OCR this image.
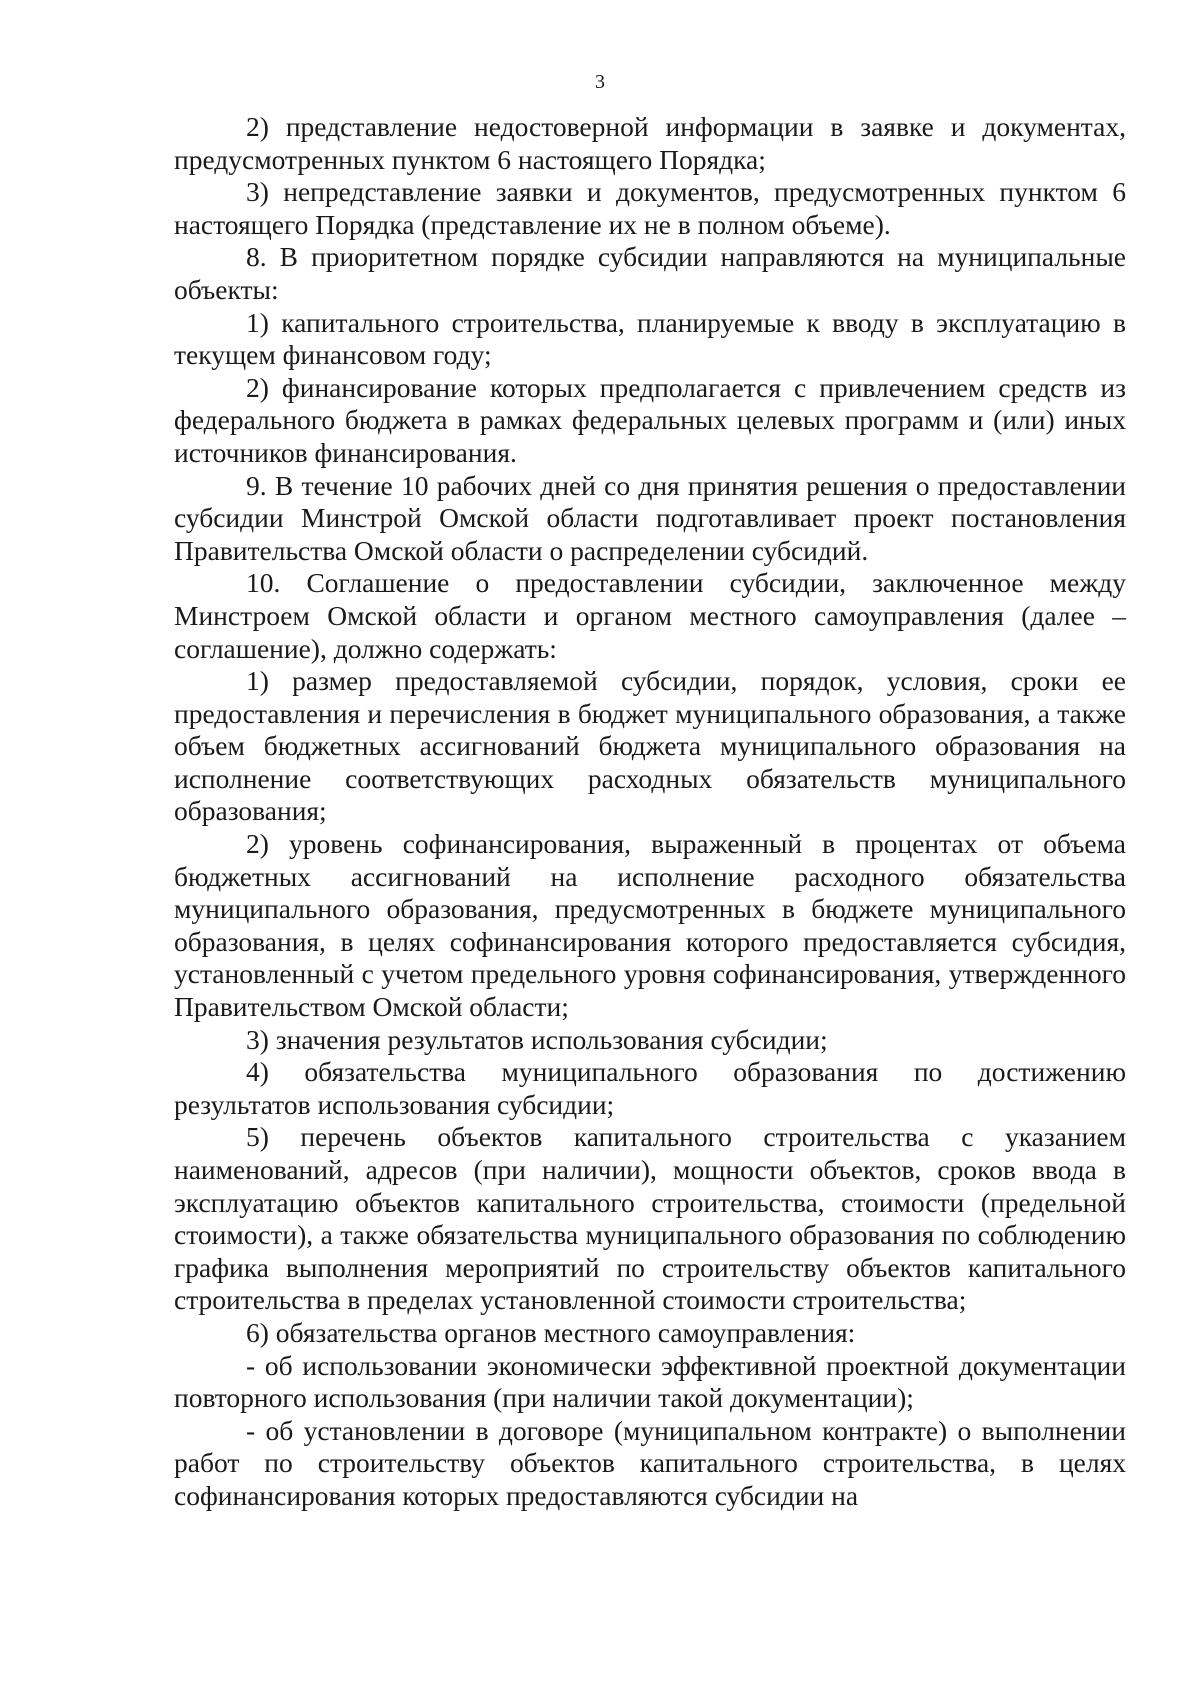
3

2) представление недостоверной информации в заявке и документах, предусмотренных пунктом 6 настоящего Порядка;

3) непредставление заявки и документов, предусмотренных пунктом 6 настоящего Порядка (представление их не в полном объеме).

8. В приоритетном порядке субсидии направляются на муниципальные объекты:

1) капитального строительства, планируемые к вводу в эксплуатацию в текущем финансовом году;

2) финансирование которых предполагается с привлечением средств из федерального бюджета в рамках федеральных целевых программ и (или) иных источников финансирования.

9. В течение 10 рабочих дней со дня принятия решения о предоставлении субсидии Минстрой Омской области подготавливает проект постановления Правительства Омской области о распределении субсидий.

10. Соглашение о предоставлении субсидии, заключенное между Минстроем Омской области и органом местного самоуправления (далее – соглашение), должно содержать:

1) размер предоставляемой субсидии, порядок, условия, сроки ее предоставления и перечисления в бюджет муниципального образования, а также объем бюджетных ассигнований бюджета муниципального образования на исполнение соответствующих расходных обязательств муниципального образования;

2) уровень софинансирования, выраженный в процентах от объема бюджетных ассигнований на исполнение расходного обязательства муниципального образования, предусмотренных в бюджете муниципального образования, в целях софинансирования которого предоставляется субсидия, установленный с учетом предельного уровня софинансирования, утвержденного Правительством Омской области;

3) значения результатов использования субсидии;

4) обязательства муниципального образования по достижению результатов использования субсидии;

5) перечень объектов капитального строительства с указанием наименований, адресов (при наличии), мощности объектов, сроков ввода в эксплуатацию объектов капитального строительства, стоимости (предельной стоимости), а также обязательства муниципального образования по соблюдению графика выполнения мероприятий по строительству объектов капитального строительства в пределах установленной стоимости строительства;

6) обязательства органов местного самоуправления:

- об использовании экономически эффективной проектной документации повторного использования (при наличии такой документации);

- об установлении в договоре (муниципальном контракте) о выполнении работ по строительству объектов капитального строительства, в целях софинансирования которых предоставляются субсидии на
